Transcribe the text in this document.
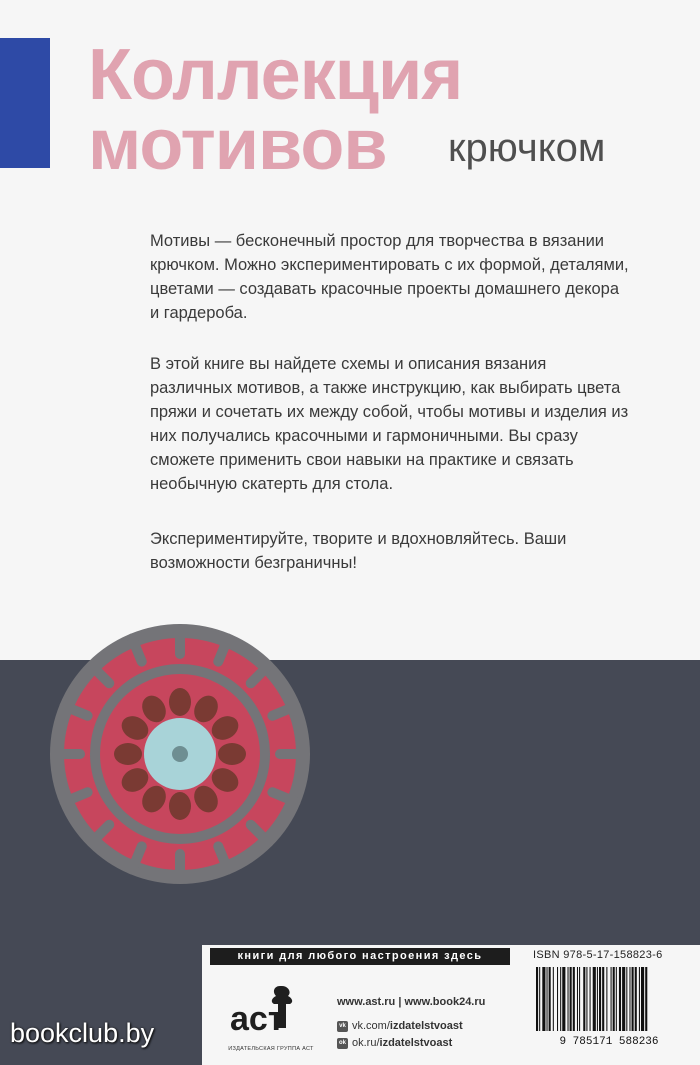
Коллекция
мотивов	крючком

Мотивы — бесконечный простор для творчества в вязании крючком. Можно экспериментировать с их формой, деталями, цветами — создавать красочные проекты домашнего декора и гардероба.

В этой книге вы найдете схемы и описания вязания различных мотивов, а также инструкцию, как выбирать цвета пряжи и сочетать их между собой, чтобы мотивы и изделия из них получались красочными и гармоничными. Вы сразу сможете применить свои навыки на практике и связать необычную скатерть для стола.

Экспериментируйте, творите и вдохновляйтесь. Ваши возможности безграничны!

книги для любого настроения здесь	ISBN 978-5-17-158823-6
9 785171 588236
аст
ИЗДАТЕЛЬСКАЯ ГРУППА АСТ
www.ast.ru | www.book24.ru
vk vk.com/izdatelstvoast
ok ok.ru/izdatelstvoast
bookclub.by
